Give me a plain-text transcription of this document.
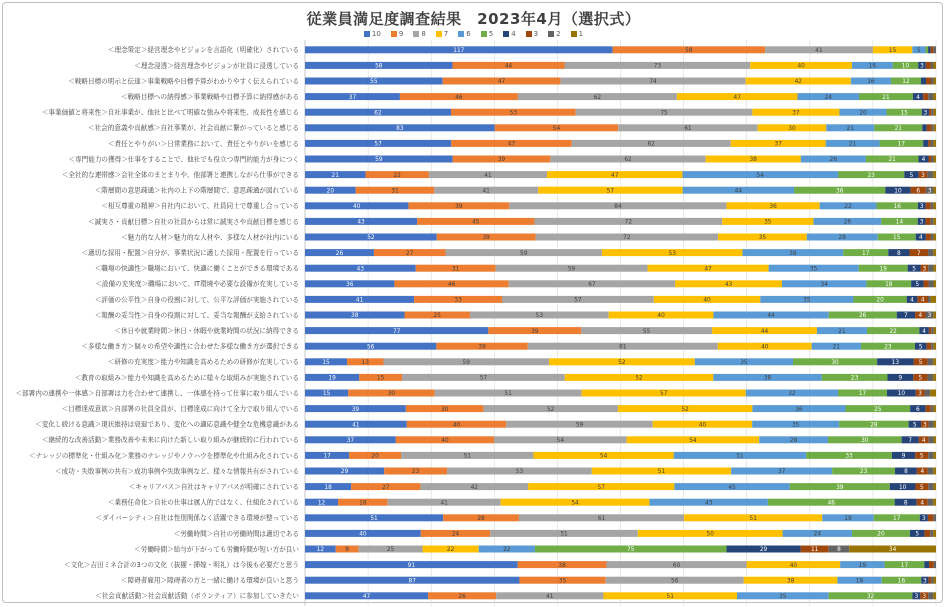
従業員満足度調査結果　2023年4月（選択式）
10	9	8	7	6	5	4	3	2	1
＜理念策定＞経営理念やビジョンを言語化（明確化）されている	117	58	41	15	5
＜理念浸透＞経営理念やビジョンが社員に浸透している	58	44	73	40	16	10 3
＜戦略目標の明示と伝達＞事業戦略や目標予算がわかりやすく伝えられている	55	47	74	42	16	12
＜戦略目標への納得感＞事業戦略や目標予算に納得感がある	37	46	62	47	24	21	4
＜事業価値と将来性＞自社事業が、他社と比べて明確な強みや将来性、成長性を感じる	62	53	75	37	20	15	3
＜社会的意義や貢献感＞自社事業が、社会貢献に繋がっていると感じる	83	54	61	30	21	21
＜責任とやりがい＞日常業務において、責任とやりがいを感じる	57	47	62	37	21	17
＜専門能力の獲得＞仕事をすることで、他社でも役立つ専門的能力が身につく	59	39	62	38	26	21	4
＜全社的な連帯感＞会社全体のまとまりや、他部署と連携しながら仕事ができる	21	22	41	47	54	23	5 3
＜階層間の意思疎通＞社内の上下の階層間で、意思疎通が図れている	20	31	41	57	44	36	10	6 3
＜相互尊重の精神＞自社内において、社員同士で尊重し合っている	40	39	84	36	22	16	3
＜誠実さ・貢献目標＞自社の社員からは常に誠実さや貢献目標を感じる	43	45	72	35	26	14	3
＜魅力的な人材＞魅力的な人材や、多様な人材が社内にいる	52	39	72	35	28	15	4
＜適切な採用・配置＞自分が、事業状況に適した採用・配置を行っている	26	27	59	53	38	17	8	7
＜職場の快適性＞職場において、快適に働くことができる環境である	43	31	59	47	35	19	5 3
＜設備の充実度＞職場において、IT環境や必要な設備が充実している	36	46	67	43	34	18	5
＜評価の公平性＞自身の役割に対して、公平な評価が実施されている	41	33	57	40	35	20	4 4
＜報酬の妥当性＞自身の役割に対して、妥当な報酬が支給されている	38	25	53	40	44	26	7 4 3
＜休日や就業時間＞休日・休暇や就業時間の状況に納得できる	77	39	55	44	21	22	4
＜多様な働き方＞個々の希望や適性に合わせた多様な働き方が選択できる	56	39	81	40	21	23	5
＜研修の充実度＞能力や知識を高めるための研修が充実している	15	13	59	52	35	30	13	5
＜教育の取組み＞能力や知識を高めるために様々な取組みが実施されている	19	15	57	52	38	23	9	5
＜部署内の連携や一体感＞自部署は力を合わせて連携し、一体感を持って仕事に取り組んでいる	15	30	51	57	32	17	10 3
＜目標達成意欲＞自部署の社員全員が、目標達成に向けて全力で取り組んでいる	39	30	52	52	36	25	6
＜変化し続ける意識＞現状維持は衰退であり、変化への適応意識や健全な危機意識がある	41	40	59	40	35	28	5 3
＜継続的な改善活動＞業務改善や未来に向けた新しい取り組みが継続的に行われている	37	40	54	54	28	30	7 4
＜ナレッジの標準化・仕組み化＞業務のナレッジやノウハウを標準化や仕組み化されている	17	20	51	54	51	33	9 5
＜成功・失敗事例の共有＞成功事例や失敗事例など、様々な情報共有がされている	29	23	53	51	37	23	8 4
＜キャリアパス＞自社はキャリアパスが明確にされている	18	27	42	57	45	39	10 5
＜業務任命化＞自社の仕事は属人的ではなく、仕組化されている	12	18	41	54	43	46	8 4
＜ダイバーシティ＞自社は性別関係なく活躍できる環境が整っている	51	28	61	51	19	17	3
＜労働時間＞自社の労働時間は適切である	40	24	51	50	24	20	5
＜労働時間＞給与が下がっても労働時間が短い方が良い	12	9	25	22	22	75	29	11	8	34
＜文化＞吉田ミネ合計の3つの文化（抜擢・挿嫁・明礼）は今後も必要だと思う	91	38	60	40	19	17
＜障碍者雇用＞障碍者の方と一緒に働ける環境が良いと思う	87	35	56	38	18	16	3
＜社会貢献活動＞社会貢献活動（ボランティア）に参加していきたい	47	26	41	51	35	32	3 3
